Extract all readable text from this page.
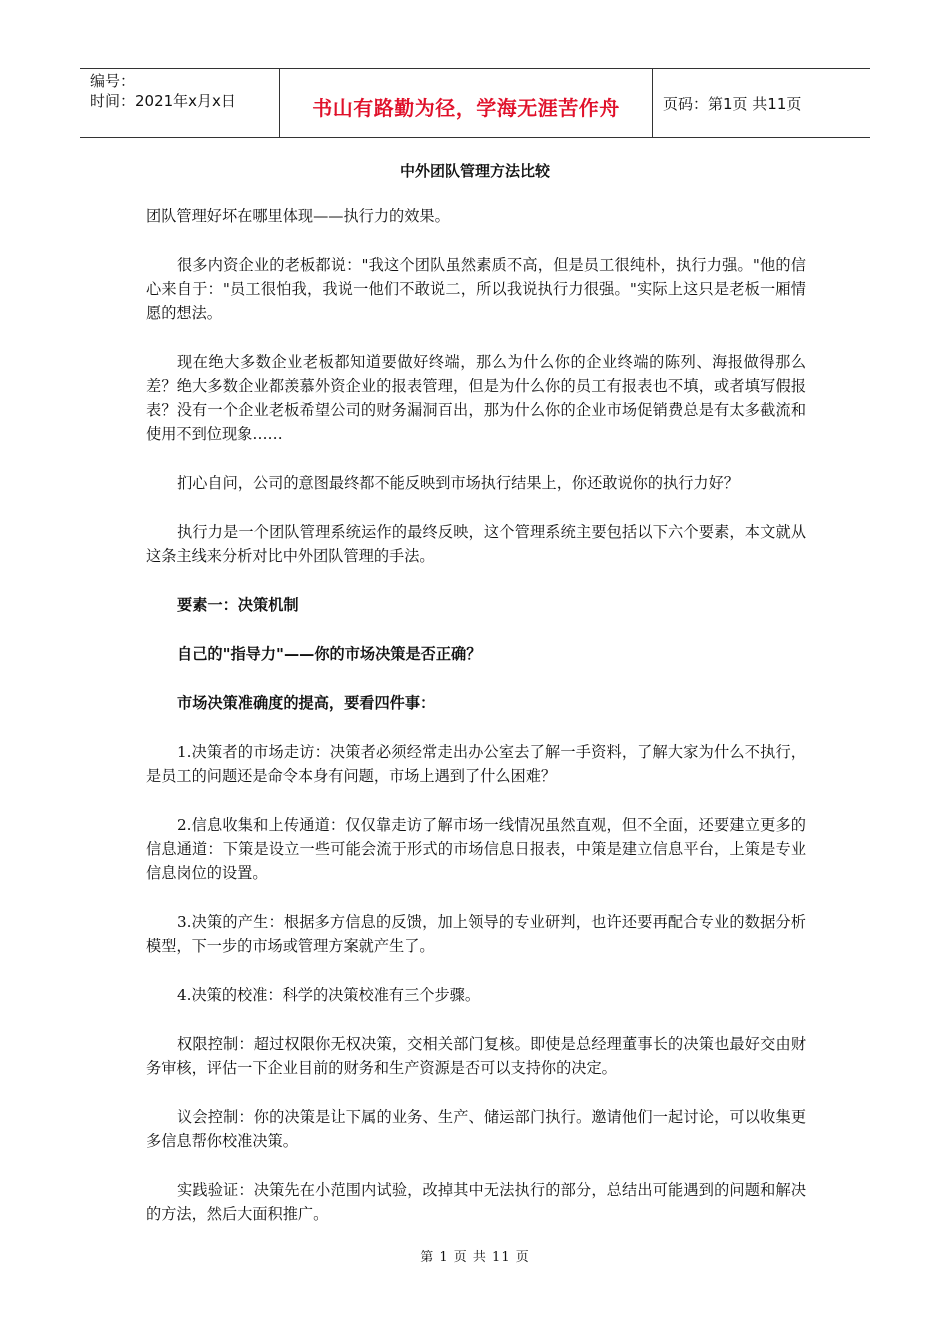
编号：
时间：2021年x月x日	书山有路勤为径，学海无涯苦作舟	页码：第1页 共11页
中外团队管理方法比较

团队管理好坏在哪里体现——执行力的效果。

很多内资企业的老板都说："我这个团队虽然素质不高，但是员工很纯朴，执行力强。"他的信心来自于："员工很怕我，我说一他们不敢说二，所以我说执行力很强。"实际上这只是老板一厢情愿的想法。

现在绝大多数企业老板都知道要做好终端，那么为什么你的企业终端的陈列、海报做得那么差？绝大多数企业都羡慕外资企业的报表管理，但是为什么你的员工有报表也不填，或者填写假报表？没有一个企业老板希望公司的财务漏洞百出，那为什么你的企业市场促销费总是有太多截流和使用不到位现象……

扪心自问，公司的意图最终都不能反映到市场执行结果上，你还敢说你的执行力好？

执行力是一个团队管理系统运作的最终反映，这个管理系统主要包括以下六个要素，本文就从这条主线来分析对比中外团队管理的手法。

要素一：决策机制

自己的"指导力"——你的市场决策是否正确？

市场决策准确度的提高，要看四件事：

1.决策者的市场走访：决策者必须经常走出办公室去了解一手资料，了解大家为什么不执行，是员工的问题还是命令本身有问题，市场上遇到了什么困难？

2.信息收集和上传通道：仅仅靠走访了解市场一线情况虽然直观，但不全面，还要建立更多的信息通道：下策是设立一些可能会流于形式的市场信息日报表，中策是建立信息平台，上策是专业信息岗位的设置。

3.决策的产生：根据多方信息的反馈，加上领导的专业研判，也许还要再配合专业的数据分析模型，下一步的市场或管理方案就产生了。

4.决策的校准：科学的决策校准有三个步骤。

权限控制：超过权限你无权决策，交相关部门复核。即使是总经理董事长的决策也最好交由财务审核，评估一下企业目前的财务和生产资源是否可以支持你的决定。

议会控制：你的决策是让下属的业务、生产、储运部门执行。邀请他们一起讨论，可以收集更多信息帮你校准决策。

实践验证：决策先在小范围内试验，改掉其中无法执行的部分，总结出可能遇到的问题和解决的方法，然后大面积推广。

第 1 页 共 11 页
